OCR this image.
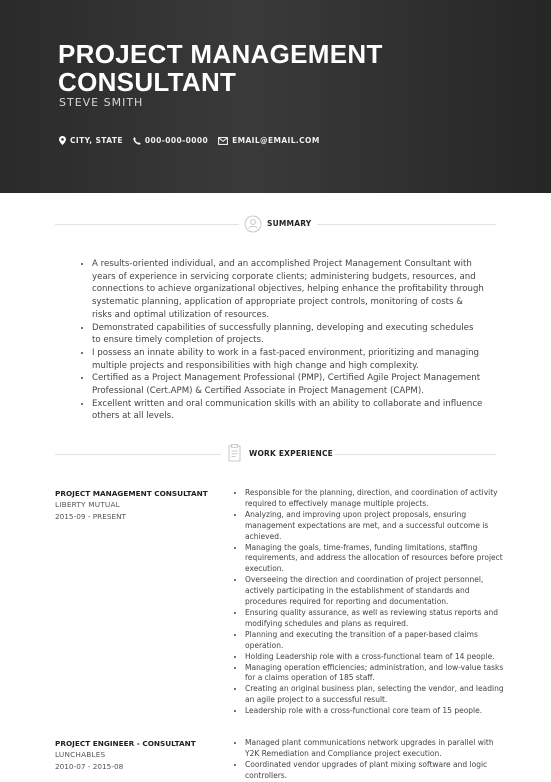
PROJECT MANAGEMENT
CONSULTANT
STEVE SMITH
CITY, STATE	000-000-0000	EMAIL@EMAIL.COM
SUMMARY
• A results-oriented individual, and an accomplished Project Management Consultant with years of experience in servicing corporate clients; administering budgets, resources, and connections to achieve organizational objectives, helping enhance the profitability through systematic planning, application of appropriate project controls, monitoring of costs & risks and optimal utilization of resources.
• Demonstrated capabilities of successfully planning, developing and executing schedules to ensure timely completion of projects.
• I possess an innate ability to work in a fast-paced environment, prioritizing and managing multiple projects and responsibilities with high change and high complexity.
• Certified as a Project Management Professional (PMP), Certified Agile Project Management Professional (Cert.APM) & Certified Associate in Project Management (CAPM).
• Excellent written and oral communication skills with an ability to collaborate and influence others at all levels.
WORK EXPERIENCE
PROJECT MANAGEMENT CONSULTANT
LIBERTY MUTUAL
2015-09 - PRESENT
• Responsible for the planning, direction, and coordination of activity required to effectively manage multiple projects.
• Analyzing, and improving upon project proposals, ensuring management expectations are met, and a successful outcome is achieved.
• Managing the goals, time-frames, funding limitations, staffing requirements, and address the allocation of resources before project execution.
• Overseeing the direction and coordination of project personnel, actively participating in the establishment of standards and procedures required for reporting and documentation.
• Ensuring quality assurance, as well as reviewing status reports and modifying schedules and plans as required.
• Planning and executing the transition of a paper-based claims operation.
• Holding Leadership role with a cross-functional team of 14 people.
• Managing operation efficiencies; administration, and low-value tasks for a claims operation of 185 staff.
• Creating an original business plan, selecting the vendor, and leading an agile project to a successful result.
• Leadership role with a cross-functional core team of 15 people.
PROJECT ENGINEER - CONSULTANT
LUNCHABLES
2010-07 - 2015-08
• Managed plant communications network upgrades in parallel with Y2K Remediation and Compliance project execution.
• Coordinated vendor upgrades of plant mixing software and logic controllers.
